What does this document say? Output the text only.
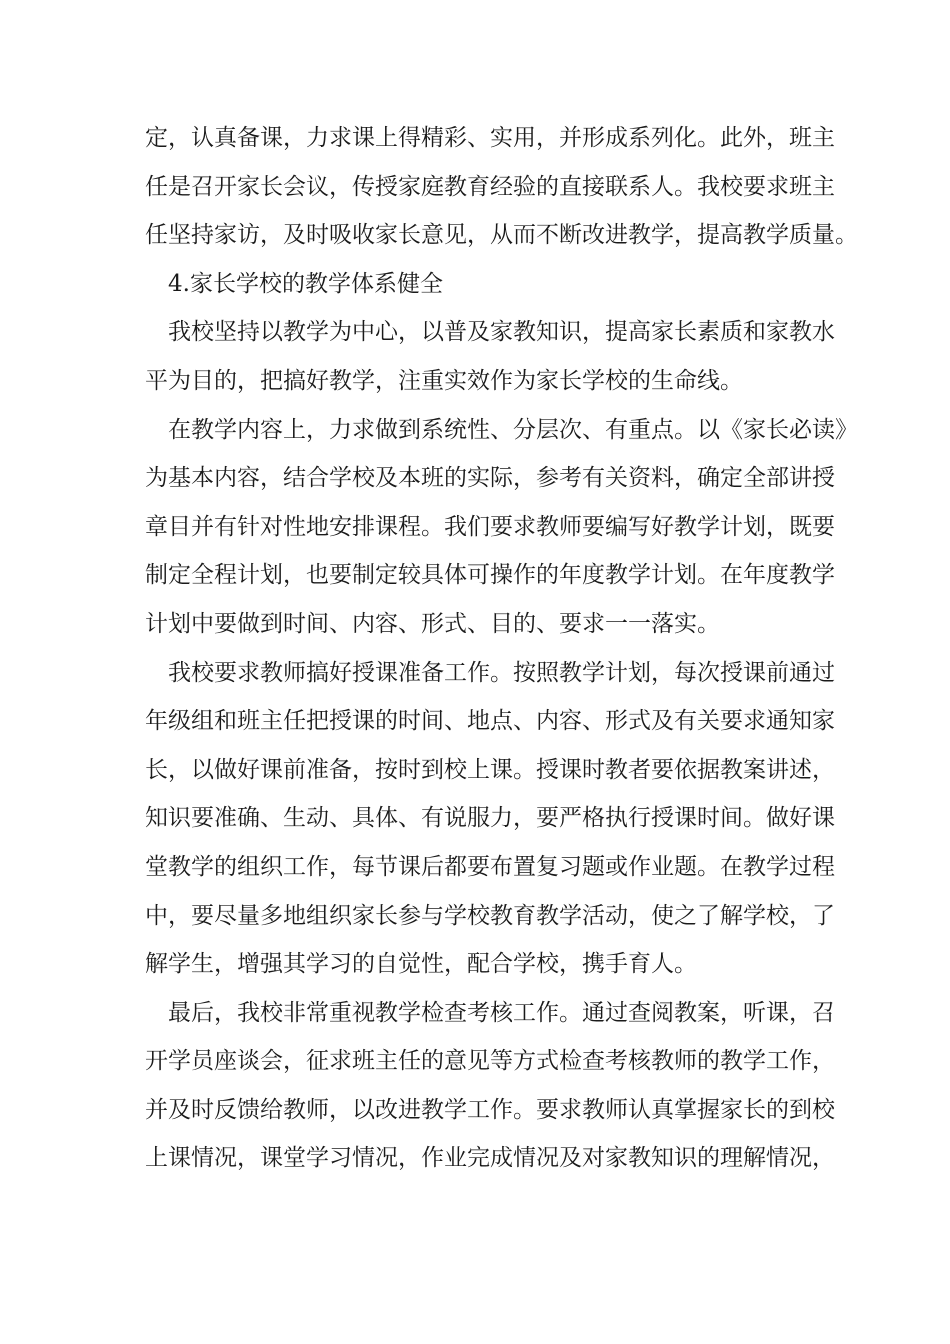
定，认真备课，力求课上得精彩、实用，并形成系列化。此外，班主
任是召开家长会议，传授家庭教育经验的直接联系人。我校要求班主
任坚持家访，及时吸收家长意见，从而不断改进教学，提高教学质量。
4.家长学校的教学体系健全
我校坚持以教学为中心，以普及家教知识，提高家长素质和家教水
平为目的，把搞好教学，注重实效作为家长学校的生命线。
在教学内容上，力求做到系统性、分层次、有重点。以《家长必读》
为基本内容，结合学校及本班的实际，参考有关资料，确定全部讲授
章目并有针对性地安排课程。我们要求教师要编写好教学计划，既要
制定全程计划，也要制定较具体可操作的年度教学计划。在年度教学
计划中要做到时间、内容、形式、目的、要求一一落实。
我校要求教师搞好授课准备工作。按照教学计划，每次授课前通过
年级组和班主任把授课的时间、地点、内容、形式及有关要求通知家
长，以做好课前准备，按时到校上课。授课时教者要依据教案讲述，
知识要准确、生动、具体、有说服力，要严格执行授课时间。做好课
堂教学的组织工作，每节课后都要布置复习题或作业题。在教学过程
中，要尽量多地组织家长参与学校教育教学活动，使之了解学校，了
解学生，增强其学习的自觉性，配合学校，携手育人。
最后，我校非常重视教学检查考核工作。通过查阅教案，听课，召
开学员座谈会，征求班主任的意见等方式检查考核教师的教学工作，
并及时反馈给教师，以改进教学工作。要求教师认真掌握家长的到校
上课情况，课堂学习情况，作业完成情况及对家教知识的理解情况，
